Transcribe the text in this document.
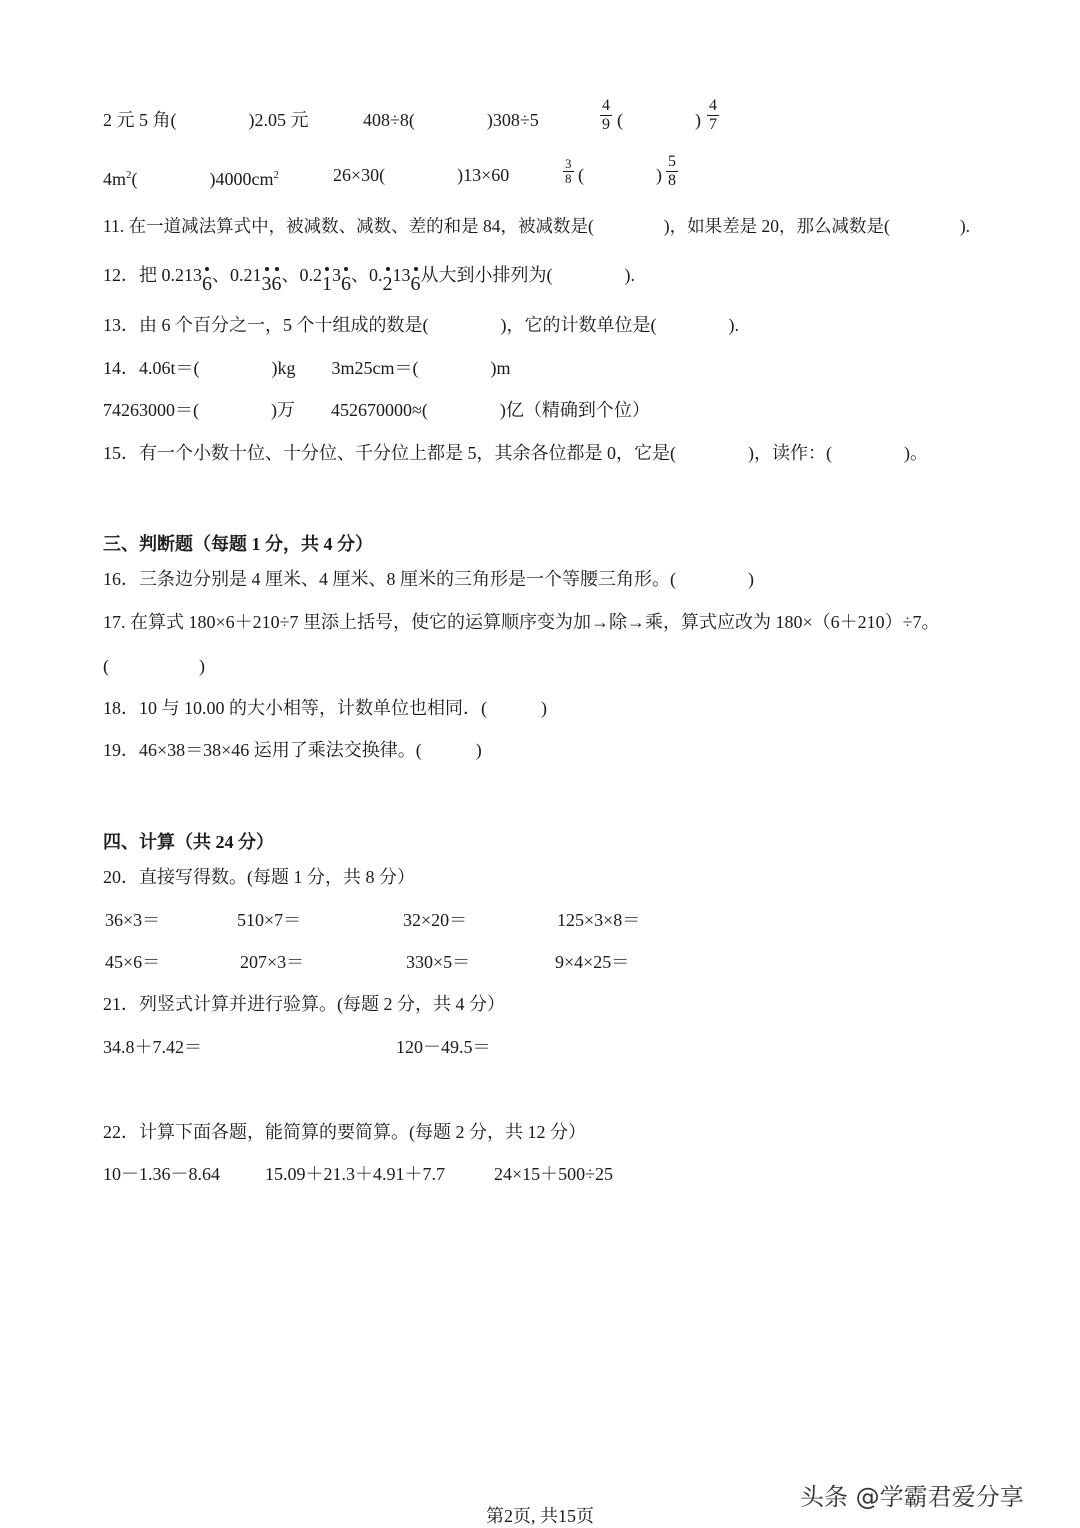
2 元 5 角(　　　　)2.05 元	408÷8(　　　　)308÷5	$\frac{4}{9}$ (　　　　) $\frac{4}{7}$
$4m^2$(　　　　)$4000cm^2$	26×30(　　　　)13×60	$\frac{3}{8}$ (　　　　) $\frac{5}{8}$
11. 在一道减法算式中，被减数、减数、差的和是 84，被减数是(　　　　)，如果差是 20，那么减数是(　　　　).
12．把 0.2136、0.2136、0.2136、0.2136从大到小排列为(　　　　).
13．由 6 个百分之一，5 个十组成的数是(　　　　)，它的计数单位是(　　　　).
14．4.06t＝(　　　　)kg　　3m25cm＝(　　　　)m
74263000＝(　　　　)万　　452670000≈(　　　　)亿（精确到个位）
15．有一个小数十位、十分位、千分位上都是 5，其余各位都是 0，它是(　　　　)，读作：(　　　　)。
三、判断题（每题 1 分，共 4 分）
16．三条边分别是 4 厘米、4 厘米、8 厘米的三角形是一个等腰三角形。(　　　　)
17. 在算式 180×6＋210÷7 里添上括号，使它的运算顺序变为加→除→乘，算式应改为 180×（6＋210）÷7。
(　　　　　)
18．10 与 10.00 的大小相等，计数单位也相同．(　　　)
19．46×38＝38×46 运用了乘法交换律。(　　　)
四、计算（共 24 分）
20．直接写得数。(每题 1 分，共 8 分）
36×3＝	510×7＝	32×20＝	125×3×8＝
45×6＝	207×3＝	330×5＝	9×4×25＝
21．列竖式计算并进行验算。(每题 2 分，共 4 分）
34.8＋7.42＝	120－49.5＝
22．计算下面各题，能简算的要简算。(每题 2 分，共 12 分）
10－1.36－8.64	15.09＋21.3＋4.91＋7.7	24×15＋500÷25
头条 @学霸君爱分享
第2页, 共15页
